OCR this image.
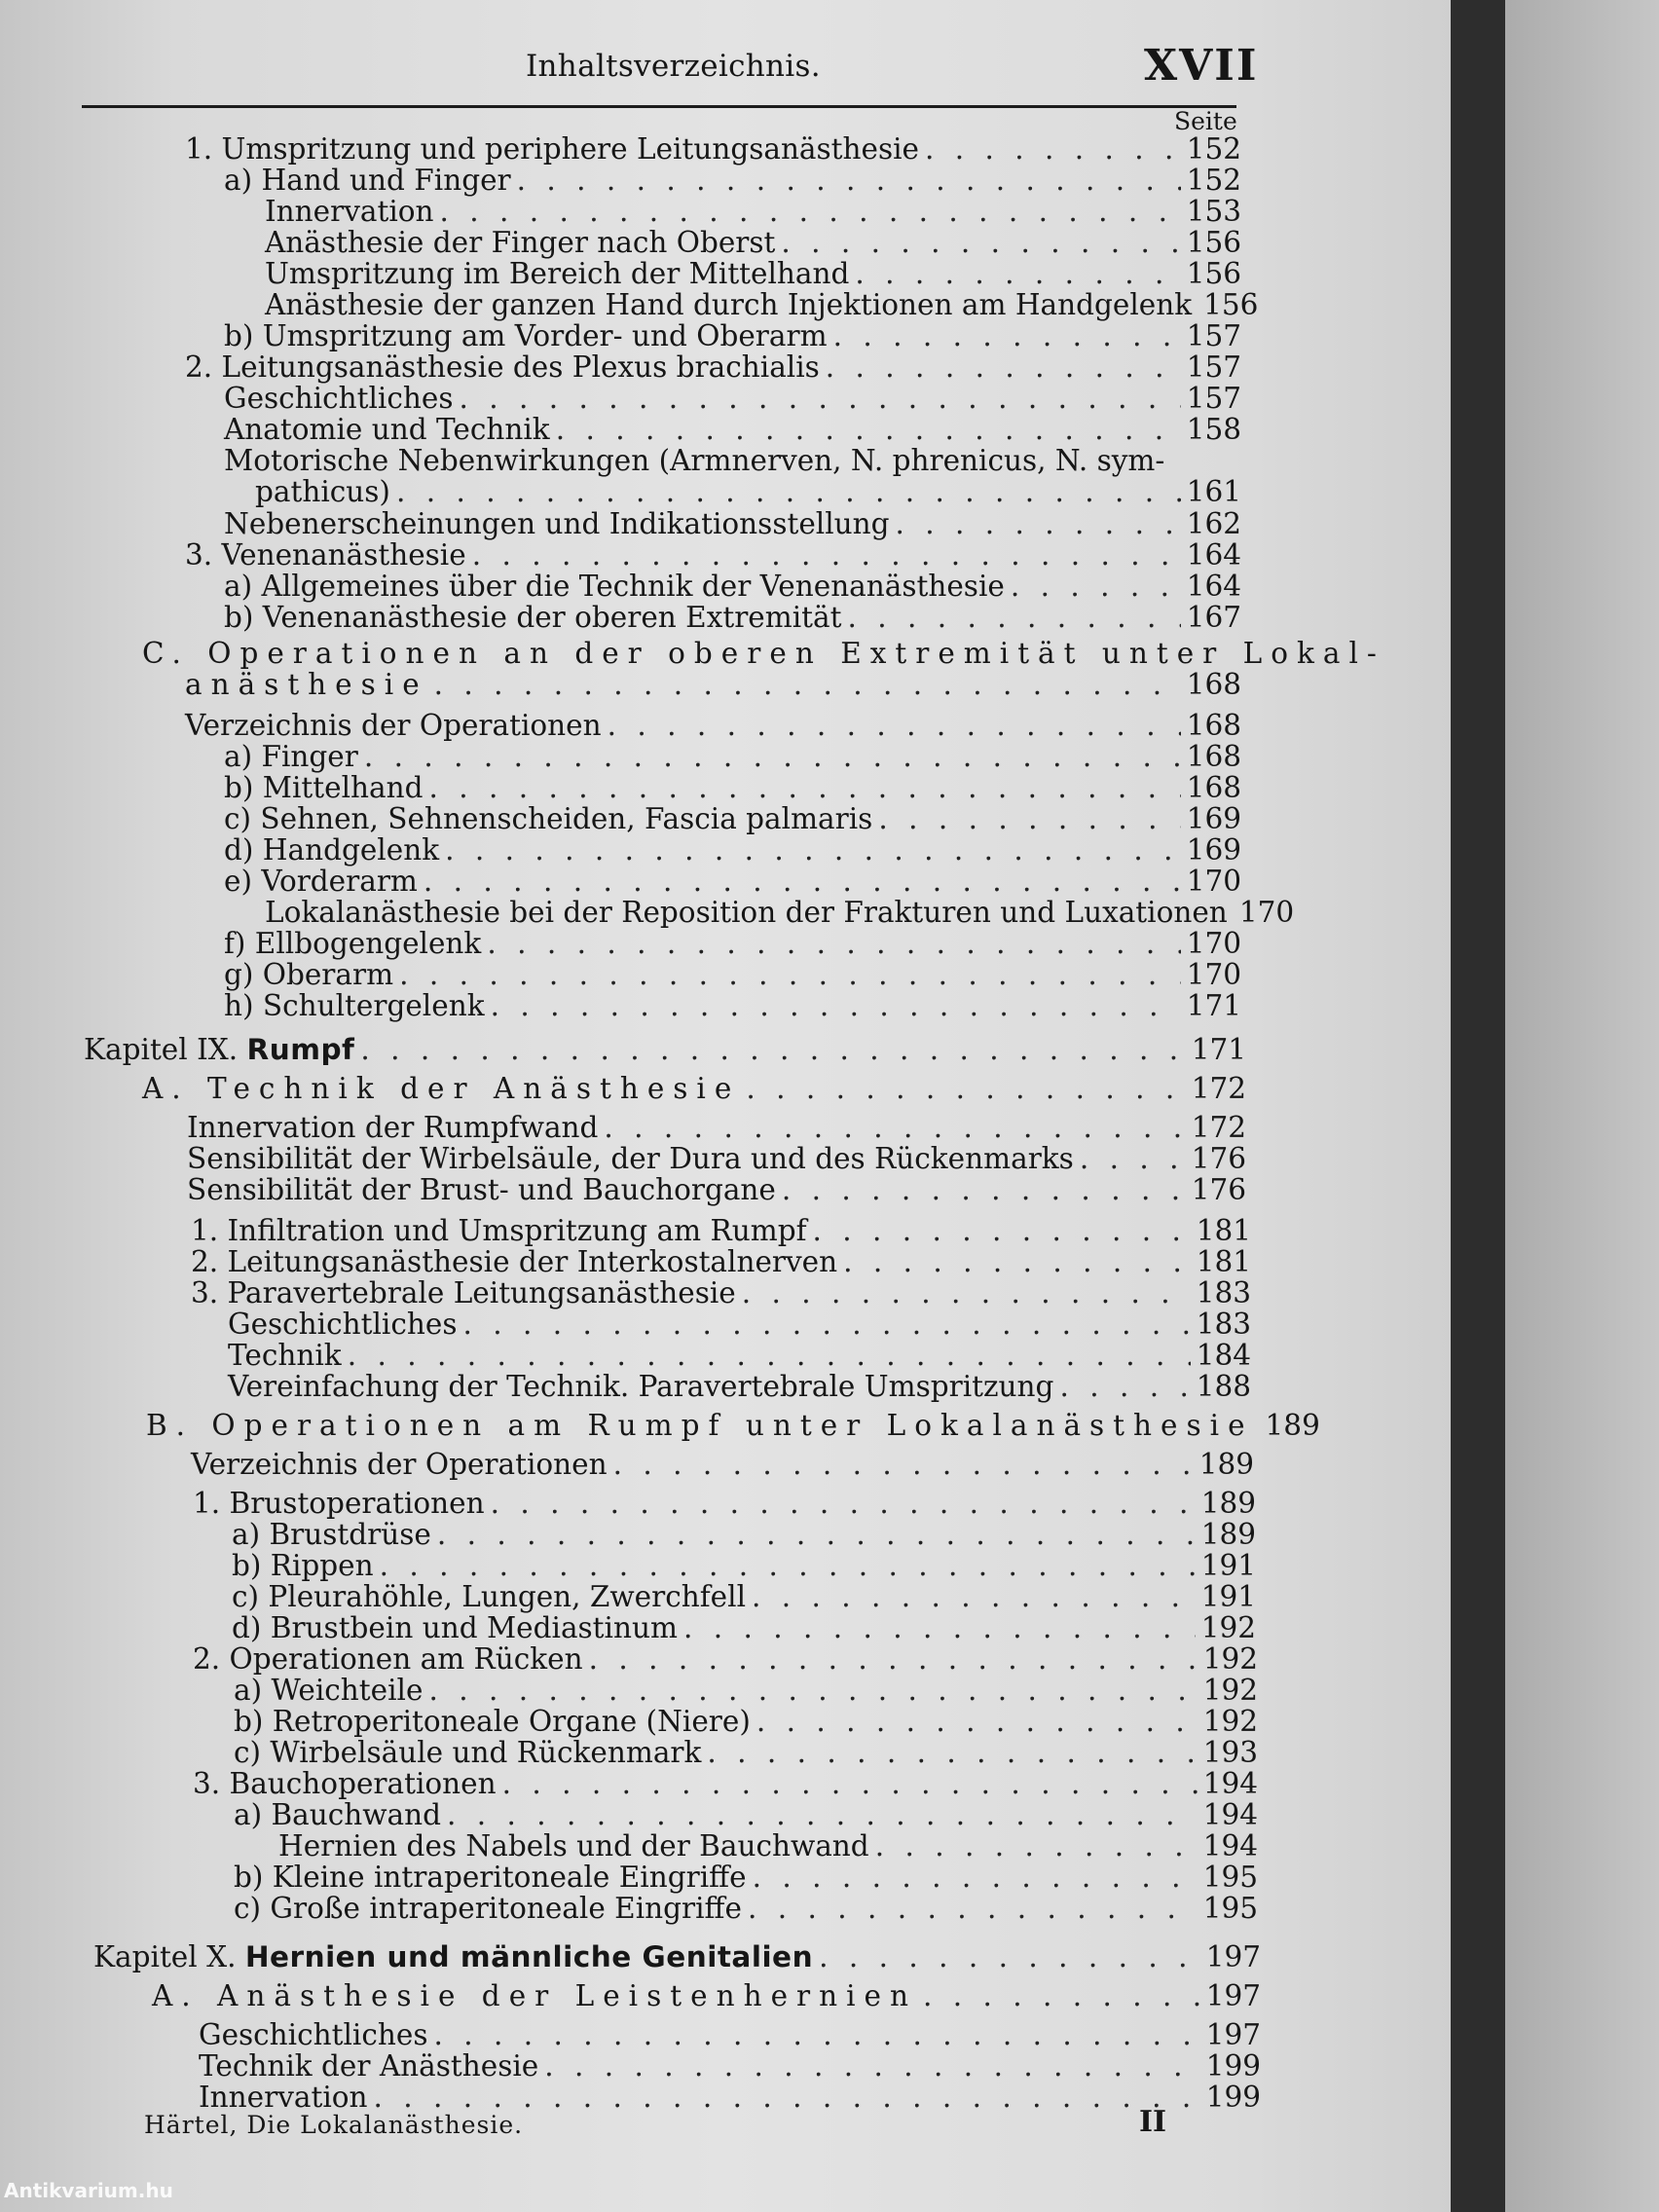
Inhaltsverzeichnis.	XVII
Seite
1. Umspritzung und periphere Leitungsanästhesie . . .	152
a) Hand und Finger . . .	152
Innervation . . .	153
Anästhesie der Finger nach Oberst . . .	156
Umspritzung im Bereich der Mittelhand . . .	156
Anästhesie der ganzen Hand durch Injektionen am Handgelenk 156
b) Umspritzung am Vorder- und Oberarm . . .	157
2. Leitungsanästhesie des Plexus brachialis . . .	157
Geschichtliches . . .	157
Anatomie und Technik . . .	158
Motorische Nebenwirkungen (Armnerven, N. phrenicus, N. sym-
pathicus) . . .	161
Nebenerscheinungen und Indikationsstellung . . .	162
3. Venenanästhesie . . .	164
a) Allgemeines über die Technik der Venenanästhesie . . .	164
b) Venenanästhesie der oberen Extremität . . .	167
C. Operationen an der oberen Extremität unter Lokal-
anästhesie . . .	168
Verzeichnis der Operationen . . .	168
a) Finger . . .	168
b) Mittelhand . . .	168
c) Sehnen, Sehnenscheiden, Fascia palmaris . . .	169
d) Handgelenk . . .	169
e) Vorderarm . . .	170
Lokalanästhesie bei der Reposition der Frakturen und Luxationen 170
f) Ellbogengelenk . . .	170
g) Oberarm . . .	170
h) Schultergelenk . . .	171
Kapitel IX. Rumpf . . .	171
A. Technik der Anästhesie . . .	172
Innervation der Rumpfwand . . .	172
Sensibilität der Wirbelsäule, der Dura und des Rückenmarks . . .	176
Sensibilität der Brust- und Bauchorgane . . .	176
1. Infiltration und Umspritzung am Rumpf . . .	181
2. Leitungsanästhesie der Interkostalnerven . . .	181
3. Paravertebrale Leitungsanästhesie . . .	183
Geschichtliches . . .	183
Technik . . .	184
Vereinfachung der Technik. Paravertebrale Umspritzung . . .	188
B. Operationen am Rumpf unter Lokalanästhesie 189
Verzeichnis der Operationen . . .	189
1. Brustoperationen . . .	189
a) Brustdrüse . . .	189
b) Rippen . . .	191
c) Pleurahöhle, Lungen, Zwerchfell . . .	191
d) Brustbein und Mediastinum . . .	192
2. Operationen am Rücken . . .	192
a) Weichteile . . .	192
b) Retroperitoneale Organe (Niere) . . .	192
c) Wirbelsäule und Rückenmark . . .	193
3. Bauchoperationen . . .	194
a) Bauchwand . . .	194
Hernien des Nabels und der Bauchwand . . .	194
b) Kleine intraperitoneale Eingriffe . . .	195
c) Große intraperitoneale Eingriffe . . .	195
Kapitel X. Hernien und männliche Genitalien . . .	197
A. Anästhesie der Leistenhernien . . .	197
Geschichtliches . . .	197
Technik der Anästhesie . . .	199
Innervation . . .	199
Härtel, Die Lokalanästhesie.	II
Antikvarium.hu
